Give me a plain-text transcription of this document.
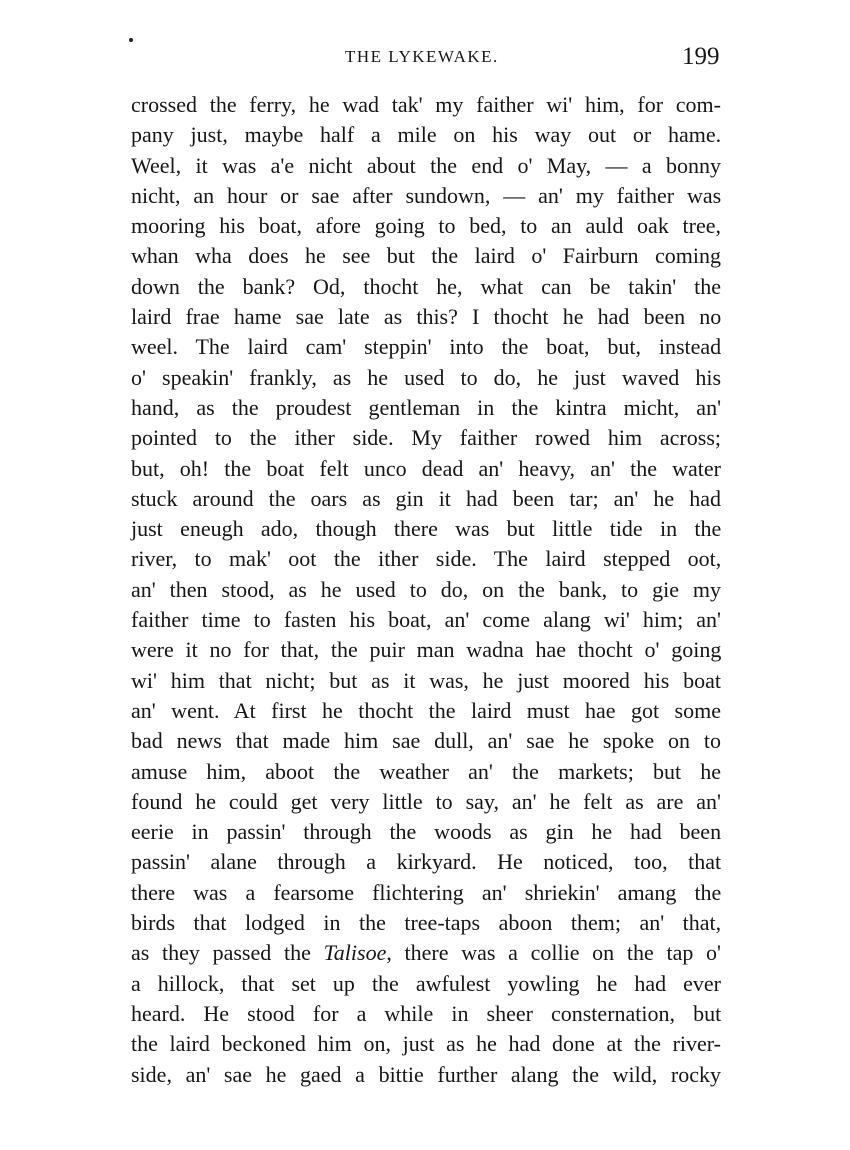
THE LYKEWAKE.	199
crossed the ferry, he wad tak' my faither wi' him, for com-
pany just, maybe half a mile on his way out or hame.
Weel, it was a'e nicht about the end o' May, — a bonny
nicht, an hour or sae after sundown, — an' my faither was
mooring his boat, afore going to bed, to an auld oak tree,
whan wha does he see but the laird o' Fairburn coming
down the bank? Od, thocht he, what can be takin' the
laird frae hame sae late as this? I thocht he had been no
weel. The laird cam' steppin' into the boat, but, instead
o' speakin' frankly, as he used to do, he just waved his
hand, as the proudest gentleman in the kintra micht, an'
pointed to the ither side. My faither rowed him across;
but, oh! the boat felt unco dead an' heavy, an' the water
stuck around the oars as gin it had been tar; an' he had
just eneugh ado, though there was but little tide in the
river, to mak' oot the ither side. The laird stepped oot,
an' then stood, as he used to do, on the bank, to gie my
faither time to fasten his boat, an' come alang wi' him; an'
were it no for that, the puir man wadna hae thocht o' going
wi' him that nicht; but as it was, he just moored his boat
an' went. At first he thocht the laird must hae got some
bad news that made him sae dull, an' sae he spoke on to
amuse him, aboot the weather an' the markets; but he
found he could get very little to say, an' he felt as are an'
eerie in passin' through the woods as gin he had been
passin' alane through a kirkyard. He noticed, too, that
there was a fearsome flichtering an' shriekin' amang the
birds that lodged in the tree-taps aboon them; an' that,
as they passed the Talisoe, there was a collie on the tap o'
a hillock, that set up the awfulest yowling he had ever
heard. He stood for a while in sheer consternation, but
the laird beckoned him on, just as he had done at the river-
side, an' sae he gaed a bittie further alang the wild, rocky
